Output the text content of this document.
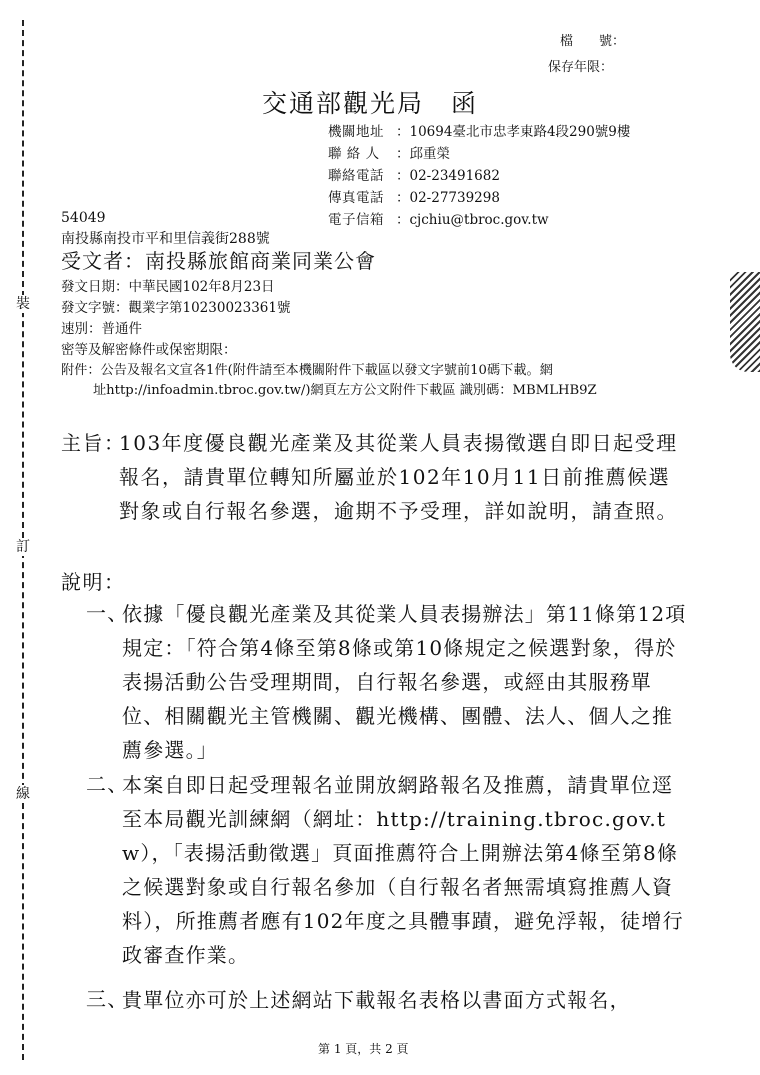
裝
訂
線
檔　　號：
保存年限：
交通部觀光局　函
機關地址 ：10694臺北市忠孝東路4段290號9樓
聯 絡 人 ：邱重榮
聯絡電話 ：02-23491682
傳真電話 ：02-27739298
電子信箱 ：cjchiu@tbroc.gov.tw
54049
南投縣南投市平和里信義街288號
受文者：南投縣旅館商業同業公會
發文日期：中華民國102年8月23日
發文字號：觀業字第10230023361號
速別：普通件
密等及解密條件或保密期限：
附件：公告及報名文宣各1件(附件請至本機關附件下載區以發文字號前10碼下載。網
址http://infoadmin.tbroc.gov.tw/)網頁左方公文附件下載區 識別碼：MBMLHB9Z
主旨：
103年度優良觀光產業及其從業人員表揚徵選自即日起受理報名，請貴單位轉知所屬並於102年10月11日前推薦候選對象或自行報名參選，逾期不予受理，詳如說明，請查照。
說明：
一、
依據「優良觀光產業及其從業人員表揚辦法」第11條第12項規定：「符合第4條至第8條或第10條規定之候選對象，得於表揚活動公告受理期間，自行報名參選，或經由其服務單位、相關觀光主管機關、觀光機構、團體、法人、個人之推薦參選。」
二、
本案自即日起受理報名並開放網路報名及推薦，請貴單位逕至本局觀光訓練網（網址：http://training.tbroc.gov.tw），「表揚活動徵選」頁面推薦符合上開辦法第4條至第8條之候選對象或自行報名參加（自行報名者無需填寫推薦人資料），所推薦者應有102年度之具體事蹟，避免浮報，徒增行政審查作業。
三、
貴單位亦可於上述網站下載報名表格以書面方式報名，
第 1 頁，共 2 頁
